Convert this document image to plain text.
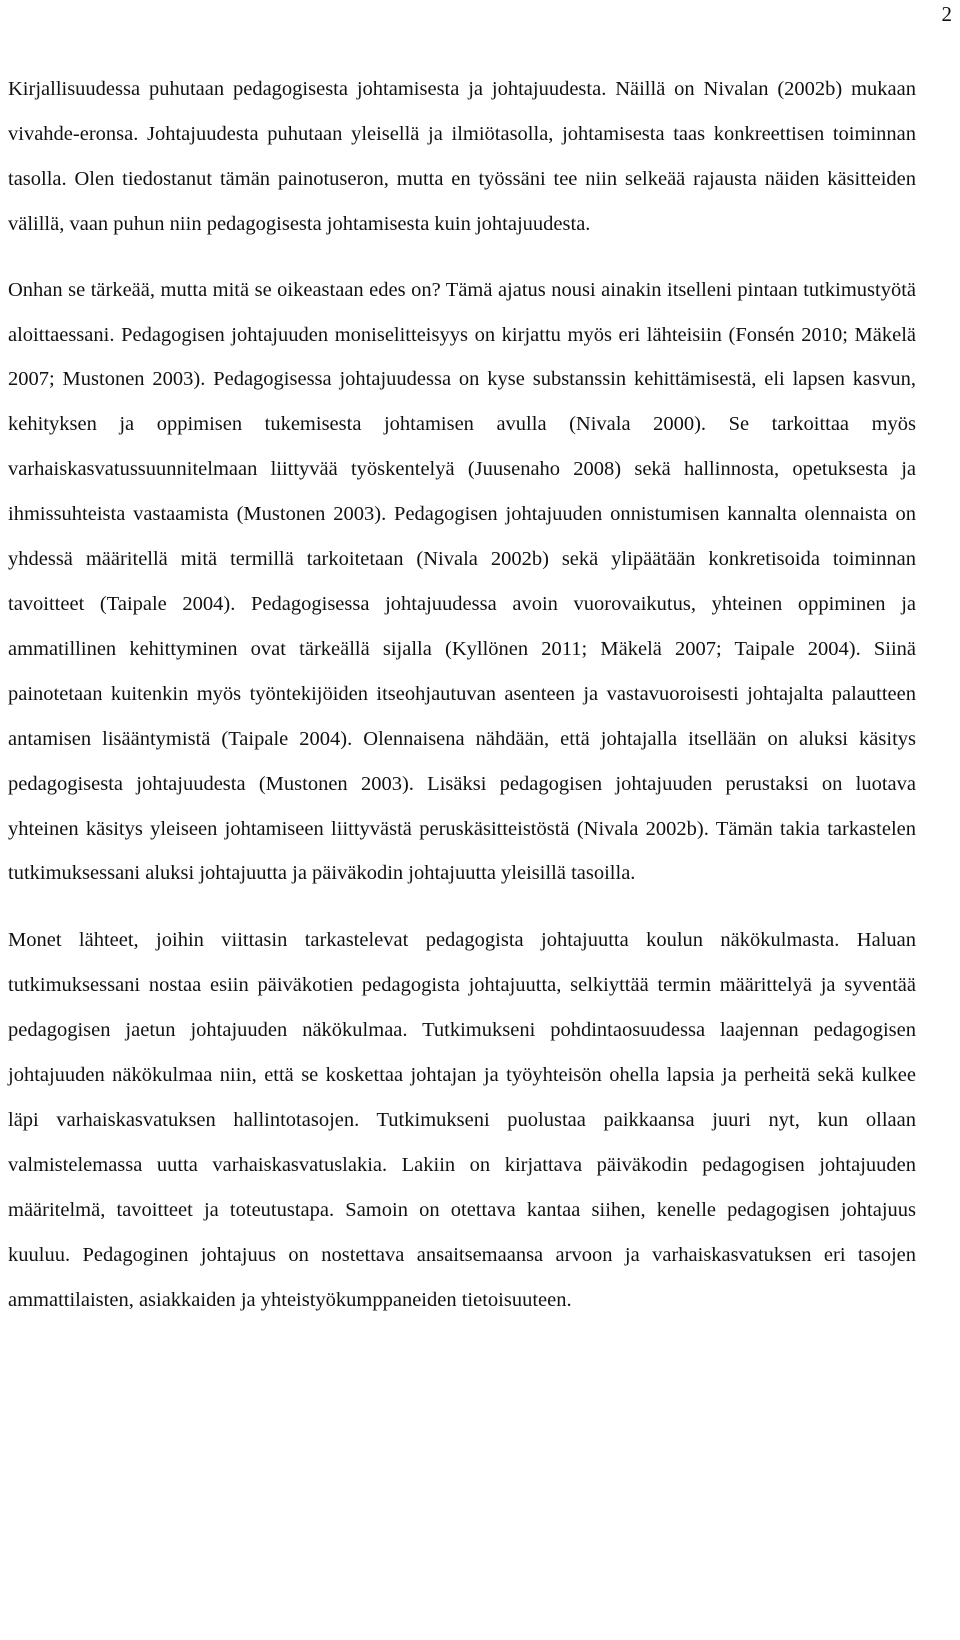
2

Kirjallisuudessa puhutaan pedagogisesta johtamisesta ja johtajuudesta. Näillä on Nivalan (2002b) mukaan vivahde-eronsa. Johtajuudesta puhutaan yleisellä ja ilmiötasolla, johtamisesta taas konkreettisen toiminnan tasolla. Olen tiedostanut tämän painotuseron, mutta en työssäni tee niin selkeää rajausta näiden käsitteiden välillä, vaan puhun niin pedagogisesta johtamisesta kuin johtajuudesta.

Onhan se tärkeää, mutta mitä se oikeastaan edes on? Tämä ajatus nousi ainakin itselleni pintaan tutkimustyötä aloittaessani. Pedagogisen johtajuuden moniselitteisyys on kirjattu myös eri lähteisiin (Fonsén 2010; Mäkelä 2007; Mustonen 2003). Pedagogisessa johtajuudessa on kyse substanssin kehittämisestä, eli lapsen kasvun, kehityksen ja oppimisen tukemisesta johtamisen avulla (Nivala 2000). Se tarkoittaa myös varhaiskasvatussuunnitelmaan liittyvää työskentelyä (Juusenaho 2008) sekä hallinnosta, opetuksesta ja ihmissuhteista vastaamista (Mustonen 2003). Pedagogisen johtajuuden onnistumisen kannalta olennaista on yhdessä määritellä mitä termillä tarkoitetaan (Nivala 2002b) sekä ylipäätään konkretisoida toiminnan tavoitteet (Taipale 2004). Pedagogisessa johtajuudessa avoin vuorovaikutus, yhteinen oppiminen ja ammatillinen kehittyminen ovat tärkeällä sijalla (Kyllönen 2011; Mäkelä 2007; Taipale 2004). Siinä painotetaan kuitenkin myös työntekijöiden itseohjautuvan asenteen ja vastavuoroisesti johtajalta palautteen antamisen lisääntymistä (Taipale 2004). Olennaisena nähdään, että johtajalla itsellään on aluksi käsitys pedagogisesta johtajuudesta (Mustonen 2003). Lisäksi pedagogisen johtajuuden perustaksi on luotava yhteinen käsitys yleiseen johtamiseen liittyvästä peruskäsitteistöstä (Nivala 2002b). Tämän takia tarkastelen tutkimuksessani aluksi johtajuutta ja päiväkodin johtajuutta yleisillä tasoilla.

Monet lähteet, joihin viittasin tarkastelevat pedagogista johtajuutta koulun näkökulmasta. Haluan tutkimuksessani nostaa esiin päiväkotien pedagogista johtajuutta, selkiyttää termin määrittelyä ja syventää pedagogisen jaetun johtajuuden näkökulmaa. Tutkimukseni pohdintaosuudessa laajennan pedagogisen johtajuuden näkökulmaa niin, että se koskettaa johtajan ja työyhteisön ohella lapsia ja perheitä sekä kulkee läpi varhaiskasvatuksen hallintotasojen. Tutkimukseni puolustaa paikkaansa juuri nyt, kun ollaan valmistelemassa uutta varhaiskasvatuslakia. Lakiin on kirjattava päiväkodin pedagogisen johtajuuden määritelmä, tavoitteet ja toteutustapa. Samoin on otettava kantaa siihen, kenelle pedagogisen johtajuus kuuluu. Pedagoginen johtajuus on nostettava ansaitsemaansa arvoon ja varhaiskasvatuksen eri tasojen ammattilaisten, asiakkaiden ja yhteistyökumppaneiden tietoisuuteen.
